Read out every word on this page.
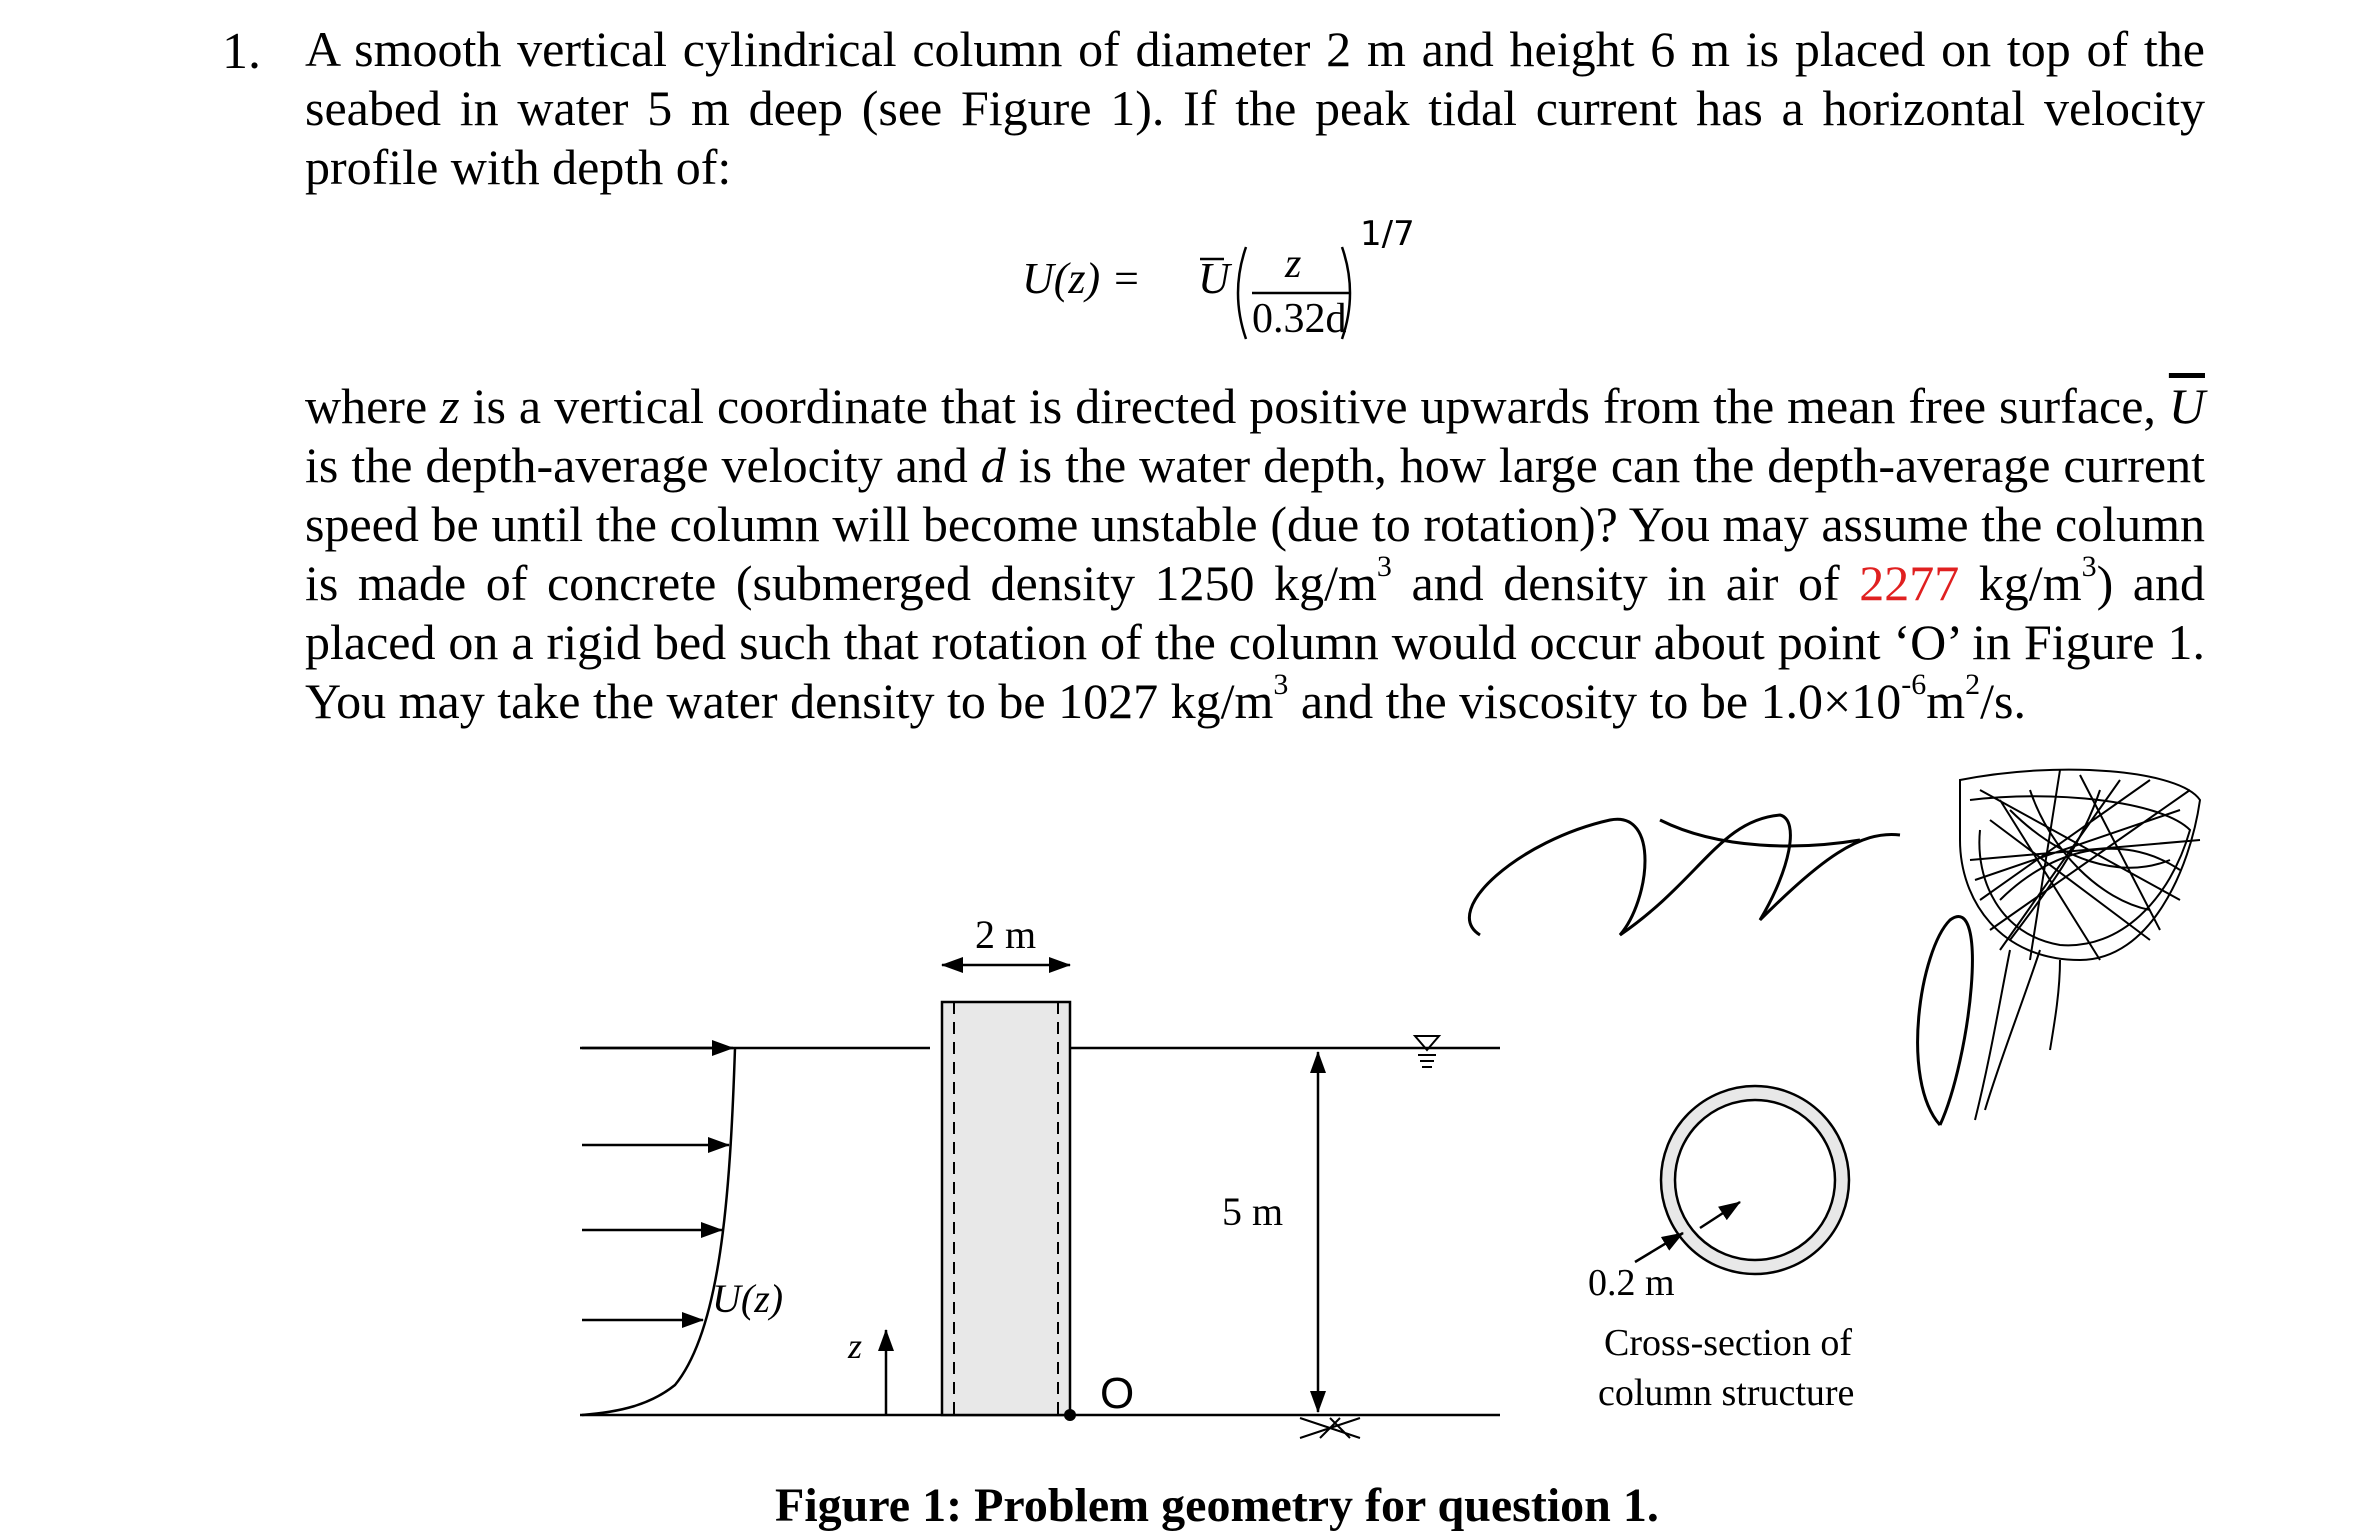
1. A smooth vertical cylindrical column of diameter 2 m and height 6 m is placed on top of the seabed in water 5 m deep (see Figure 1). If the peak tidal current has a horizontal velocity profile with depth of:

U(z) = U z
0.32d
1/7

where z is a vertical coordinate that is directed positive upwards from the mean free surface, $\overline{U}$ is the depth-average velocity and d is the water depth, how large can the depth-average current speed be until the column will become unstable (due to rotation)? You may assume the column is made of concrete (submerged density 1250 $kg/m^3$ and density in air of 2277 $kg/m^3$) and placed on a rigid bed such that rotation of the column would occur about point ‘O’ in Figure 1. You may take the water density to be 1027 $kg/m^3$ and the viscosity to be $1.0\times 10^{-6}m^2/s$.

U(z)
z
O
2 m
5 m
0.2 m
Cross-section of
column structure
Figure 1: Problem geometry for question 1.
